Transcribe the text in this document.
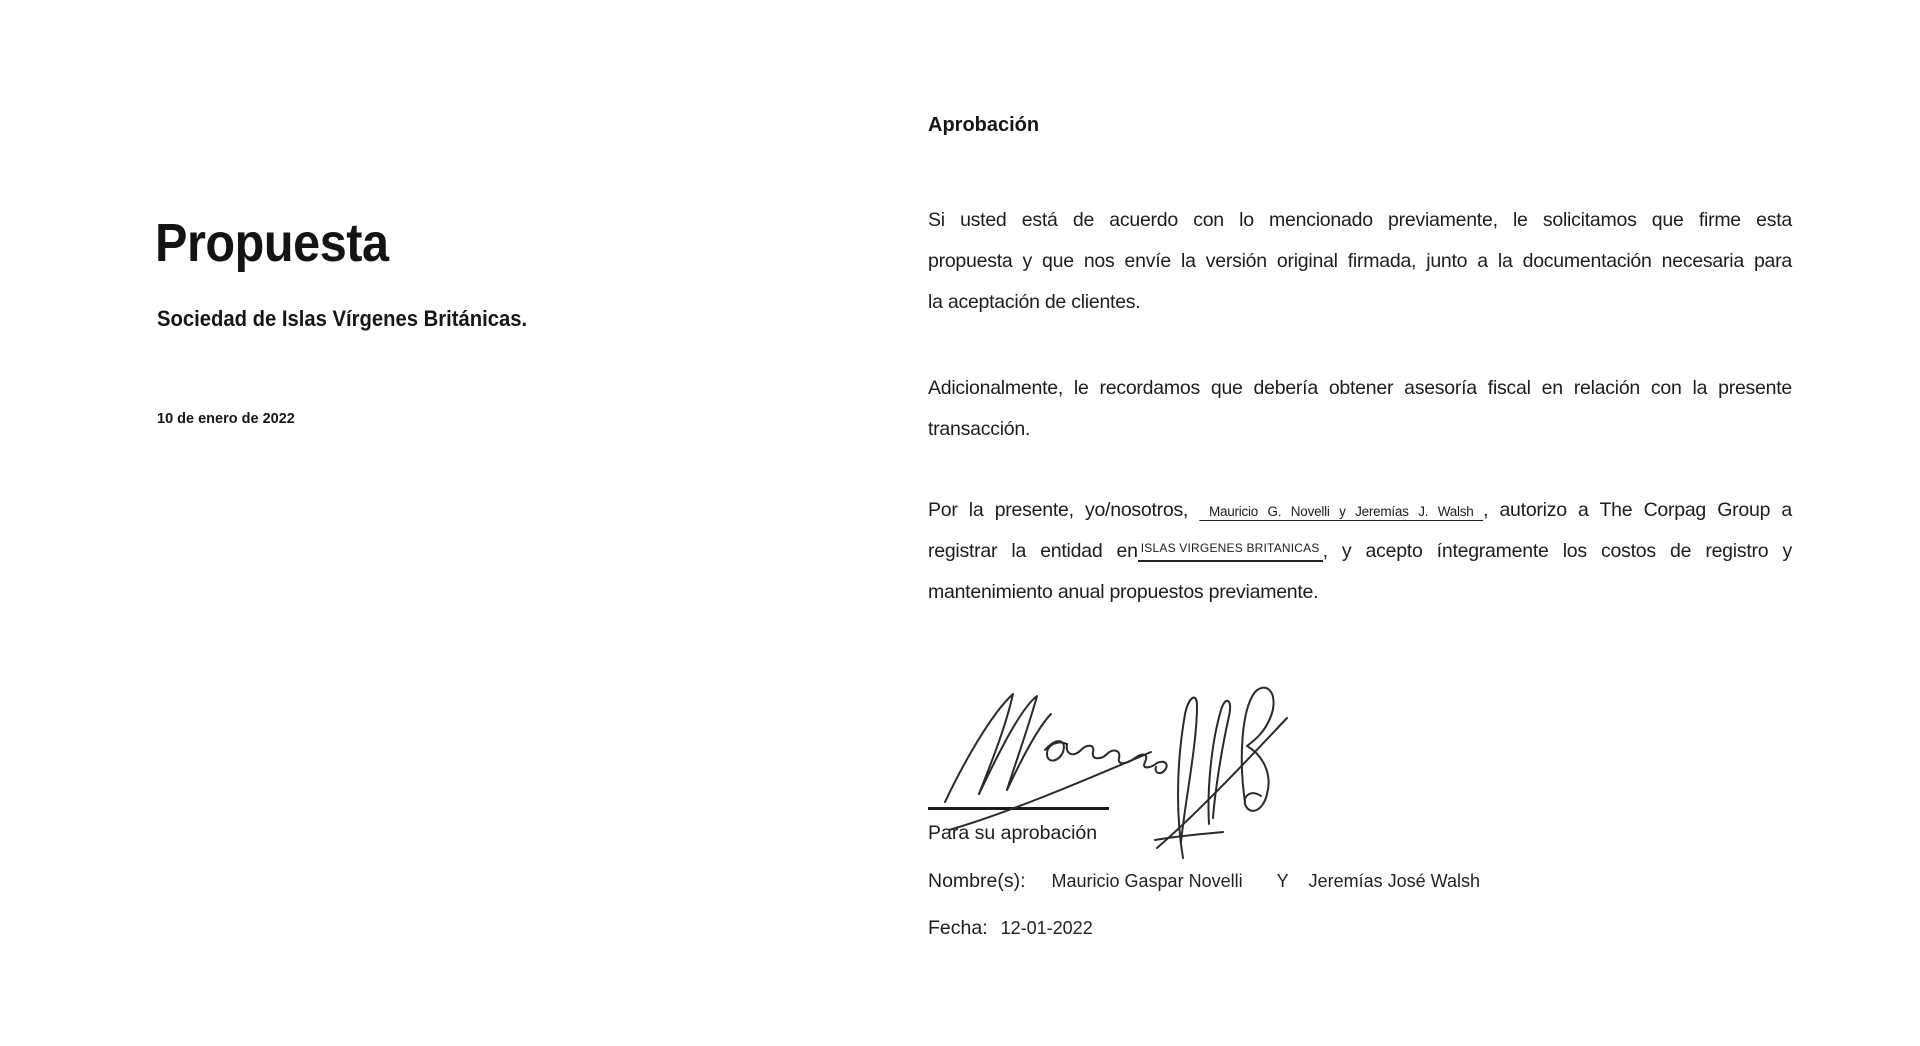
Propuesta
Sociedad de Islas Vírgenes Británicas.
10 de enero de 2022
Aprobación
Si usted está de acuerdo con lo mencionado previamente, le solicitamos que firme esta
propuesta y que nos envíe la versión original firmada, junto a la documentación necesaria para
la aceptación de clientes.
Adicionalmente, le recordamos que debería obtener asesoría fiscal en relación con la presente
transacción.
Por la presente, yo/nosotros,  Mauricio G. Novelli y Jeremías J. Walsh , autorizo a The Corpag Group a
registrar la entidad en $^{ISLAS VIRGENES BRITANICAS}$ , y acepto íntegramente los costos de registro y
mantenimiento anual propuestos previamente.
Para su aprobación
Nombre(s): Mauricio Gaspar Novelli Y Jeremías José Walsh
Fecha: 12-01-2022
